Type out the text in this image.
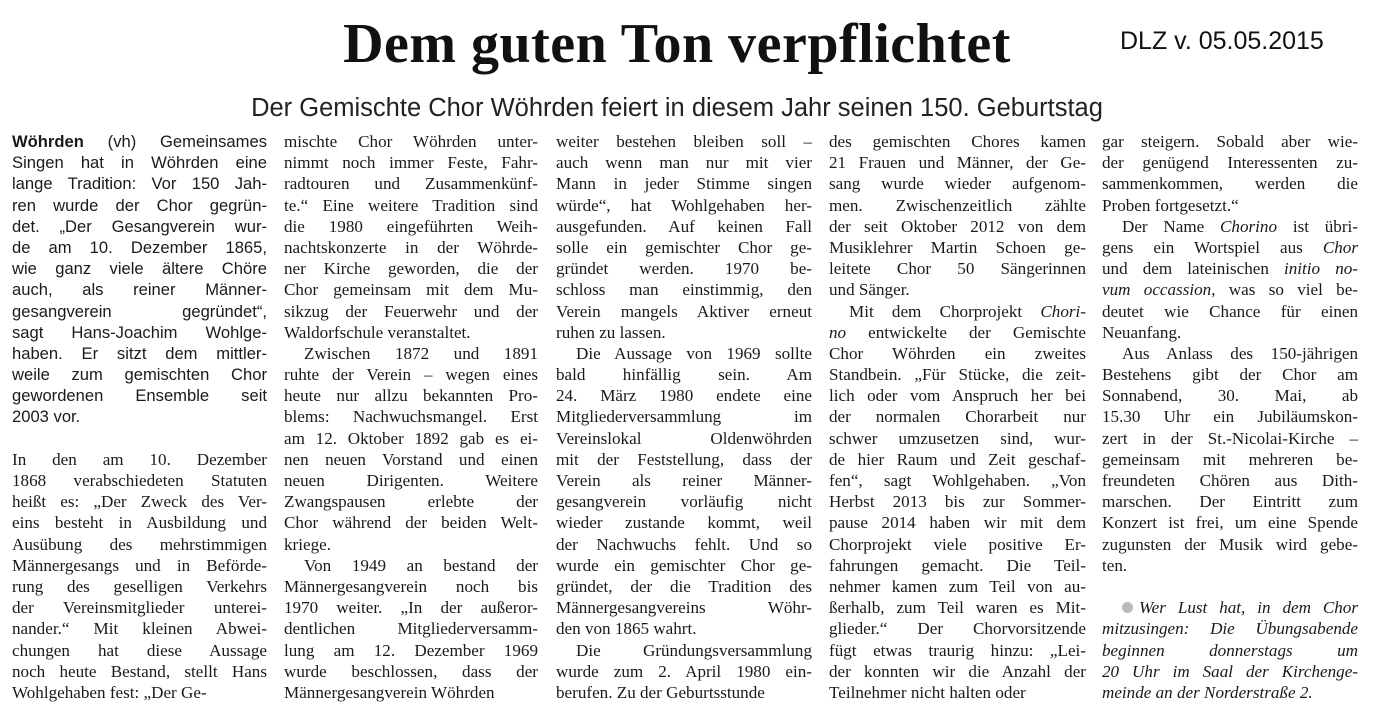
Dem guten Ton verpflichtet	DLZ v. 05.05.2015
Der Gemischte Chor Wöhrden feiert in diesem Jahr seinen 150. Geburtstag
Wöhrden (vh) Gemeinsames
Singen hat in Wöhrden eine
lange Tradition: Vor 150 Jah-
ren wurde der Chor gegrün-
det. „Der Gesangverein wur-
de am 10. Dezember 1865,
wie ganz viele ältere Chöre
auch, als reiner Männer-
gesangverein gegründet“,
sagt Hans-Joachim Wohlge-
haben. Er sitzt dem mittler-
weile zum gemischten Chor
gewordenen Ensemble seit
2003 vor.
In den am 10. Dezember
1868 verabschiedeten Statuten
heißt es: „Der Zweck des Ver-
eins besteht in Ausbildung und
Ausübung des mehrstimmigen
Männergesangs und in Beförde-
rung des geselligen Verkehrs
der Vereinsmitglieder unterei-
nander.“ Mit kleinen Abwei-
chungen hat diese Aussage
noch heute Bestand, stellt Hans
Wohlgehaben fest: „Der Ge-
mischte Chor Wöhrden unter-
nimmt noch immer Feste, Fahr-
radtouren und Zusammenkünf-
te.“ Eine weitere Tradition sind
die 1980 eingeführten Weih-
nachtskonzerte in der Wöhrde-
ner Kirche geworden, die der
Chor gemeinsam mit dem Mu-
sikzug der Feuerwehr und der
Waldorfschule veranstaltet.
Zwischen 1872 und 1891
ruhte der Verein – wegen eines
heute nur allzu bekannten Pro-
blems: Nachwuchsmangel. Erst
am 12. Oktober 1892 gab es ei-
nen neuen Vorstand und einen
neuen Dirigenten. Weitere
Zwangspausen erlebte der
Chor während der beiden Welt-
kriege.
Von 1949 an bestand der
Männergesangverein noch bis
1970 weiter. „In der außeror-
dentlichen Mitgliederversamm-
lung am 12. Dezember 1969
wurde beschlossen, dass der
Männergesangverein Wöhrden
weiter bestehen bleiben soll –
auch wenn man nur mit vier
Mann in jeder Stimme singen
würde“, hat Wohlgehaben her-
ausgefunden. Auf keinen Fall
solle ein gemischter Chor ge-
gründet werden. 1970 be-
schloss man einstimmig, den
Verein mangels Aktiver erneut
ruhen zu lassen.
Die Aussage von 1969 sollte
bald hinfällig sein. Am
24. März 1980 endete eine
Mitgliederversammlung im
Vereinslokal Oldenwöhrden
mit der Feststellung, dass der
Verein als reiner Männer-
gesangverein vorläufig nicht
wieder zustande kommt, weil
der Nachwuchs fehlt. Und so
wurde ein gemischter Chor ge-
gründet, der die Tradition des
Männergesangvereins Wöhr-
den von 1865 wahrt.
Die Gründungsversammlung
wurde zum 2. April 1980 ein-
berufen. Zu der Geburtsstunde
des gemischten Chores kamen
21 Frauen und Männer, der Ge-
sang wurde wieder aufgenom-
men. Zwischenzeitlich zählte
der seit Oktober 2012 von dem
Musiklehrer Martin Schoen ge-
leitete Chor 50 Sängerinnen
und Sänger.
Mit dem Chorprojekt Chori-
no entwickelte der Gemischte
Chor Wöhrden ein zweites
Standbein. „Für Stücke, die zeit-
lich oder vom Anspruch her bei
der normalen Chorarbeit nur
schwer umzusetzen sind, wur-
de hier Raum und Zeit geschaf-
fen“, sagt Wohlgehaben. „Von
Herbst 2013 bis zur Sommer-
pause 2014 haben wir mit dem
Chorprojekt viele positive Er-
fahrungen gemacht. Die Teil-
nehmer kamen zum Teil von au-
ßerhalb, zum Teil waren es Mit-
glieder.“ Der Chorvorsitzende
fügt etwas traurig hinzu: „Lei-
der konnten wir die Anzahl der
Teilnehmer nicht halten oder
gar steigern. Sobald aber wie-
der genügend Interessenten zu-
sammenkommen, werden die
Proben fortgesetzt.“
Der Name Chorino ist übri-
gens ein Wortspiel aus Chor
und dem lateinischen initio no-
vum occassion, was so viel be-
deutet wie Chance für einen
Neuanfang.
Aus Anlass des 150-jährigen
Bestehens gibt der Chor am
Sonnabend, 30. Mai, ab
15.30 Uhr ein Jubiläumskon-
zert in der St.-Nicolai-Kirche –
gemeinsam mit mehreren be-
freundeten Chören aus Dith-
marschen. Der Eintritt zum
Konzert ist frei, um eine Spende
zugunsten der Musik wird gebe-
ten.
Wer Lust hat, in dem Chor
mitzusingen: Die Übungsabende
beginnen donnerstags um
20 Uhr im Saal der Kirchenge-
meinde an der Norderstraße 2.
